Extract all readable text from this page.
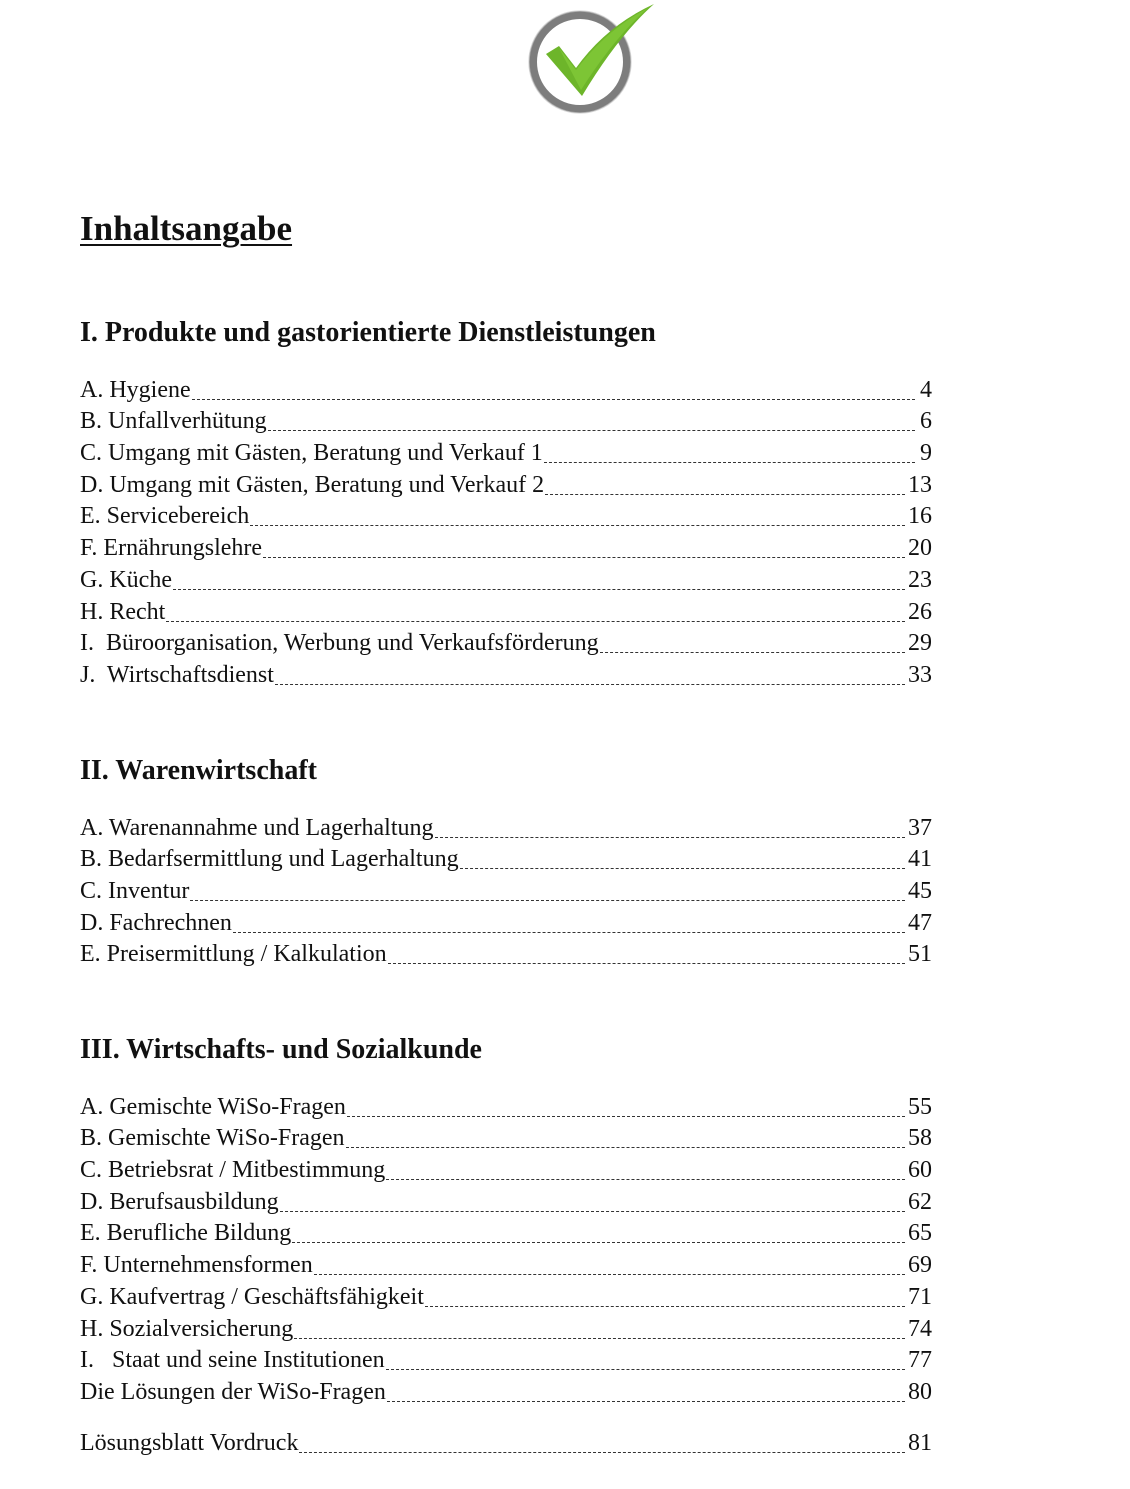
Inhaltsangabe
I. Produkte und gastorientierte Dienstleistungen
A. Hygiene	4
B. Unfallverhütung	6
C. Umgang mit Gästen, Beratung und Verkauf 1	9
D. Umgang mit Gästen, Beratung und Verkauf 2	13
E. Servicebereich	16
F. Ernährungslehre	20
G. Küche	23
H. Recht	26
I.  Büroorganisation, Werbung und Verkaufsförderung	29
J.  Wirtschaftsdienst	33
II. Warenwirtschaft
A. Warenannahme und Lagerhaltung	37
B. Bedarfsermittlung und Lagerhaltung	41
C. Inventur	45
D. Fachrechnen	47
E. Preisermittlung / Kalkulation	51
III. Wirtschafts- und Sozialkunde
A. Gemischte WiSo-Fragen	55
B. Gemischte WiSo-Fragen	58
C. Betriebsrat / Mitbestimmung	60
D. Berufsausbildung	62
E. Berufliche Bildung	65
F. Unternehmensformen	69
G. Kaufvertrag / Geschäftsfähigkeit	71
H. Sozialversicherung	74
I.   Staat und seine Institutionen	77
Die Lösungen der WiSo-Fragen	80
Lösungsblatt Vordruck	81
